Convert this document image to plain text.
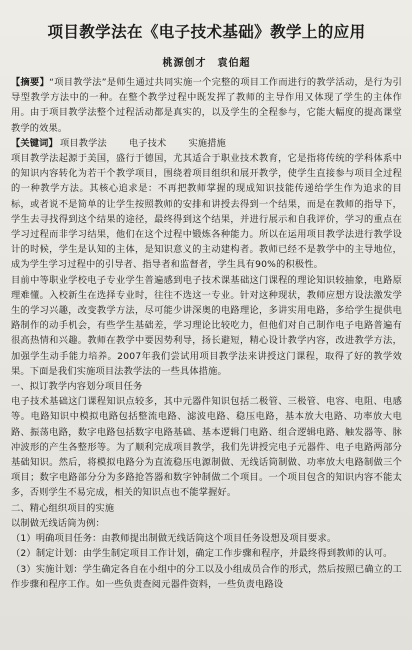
项目教学法在《电子技术基础》教学上的应用
桃源创才　袁伯超

【摘要】“项目教学法”是师生通过共同实施一个完整的项目工作而进行的教学活动，是行为引导型教学方法中的一种。在整个教学过程中既发挥了教师的主导作用又体现了学生的主体作用。由于项目教学法整个过程活动都是真实的，以及学生的全程参与，它能大幅度的提高课堂教学的效果。

【关键词】 项目教学法 电子技术 实施措施

项目教学法起源于美国，盛行于德国，尤其适合于职业技术教育，它是指将传统的学科体系中的知识内容转化为若干个教学项目，围绕着项目组织和展开教学，使学生直接参与项目全过程的一种教学方法。其核心追求是：不再把教师掌握的现成知识技能传递给学生作为追求的目标，或者说不是简单的让学生按照教师的安排和讲授去得到一个结果，而是在教师的指导下，学生去寻找得到这个结果的途径，最终得到这个结果，并进行展示和自我评价，学习的重点在学习过程而非学习结果，他们在这个过程中锻炼各种能力。所以在运用项目教学法进行教学设计的时候，学生是认知的主体，是知识意义的主动建构者。教师已经不是教学中的主导地位，成为学生学习过程中的引导者、指导者和监督者，学生具有90%的积极性。

目前中等职业学校电子专业学生普遍感到电子技术课基础这门课程的理论知识较抽象，电路原理难懂。入校新生在选择专业时，往往不选这一专业。针对这种现状，教师应想方设法激发学生的学习兴趣，改变教学方法，尽可能少讲深奥的电路理论，多讲实用电路，多给学生提供电路制作的动手机会，有些学生基础差，学习理论比较吃力，但他们对自己制作电子电路普遍有很高热情和兴趣。教师在教学中要因势利导，扬长避短，精心设计教学内容，改进教学方法，加强学生动手能力培养。2007年我们尝试用项目教学法来讲授这门课程，取得了好的教学效果。下面是我们实施项目法教学法的一些具体措施。

一、拟订教学内容划分项目任务

电子技术基础这门课程知识点较多，其中元器件知识包括二极管、三极管、电容、电阻、电感等。电路知识中模拟电路包括整流电路、滤波电路、稳压电路，基本放大电路、功率放大电路、振荡电路，数字电路包括数字电路基础、基本逻辑门电路、组合逻辑电路、触发器等、脉冲波形的产生各整形等。为了顺利完成项目教学，我们先讲授完电子元器件、电子电路两部分基础知识。然后，将模拟电路分为直流稳压电源制做、无线话筒制做、功率放大电路制做三个项目；数字电路部分分为多路抢答器和数字钟制做二个项目。一个项目包含的知识内容不能太多，否则学生不易完成，相关的知识点也不能掌握好。

二、精心组织项目的实施

以制做无线话筒为例：

（1）明确项目任务：由教师提出制做无线话筒这个项目任务设想及项目要求。

（2）制定计划：由学生制定项目工作计划，确定工作步骤和程序，并最终得到教师的认可。

（3）实施计划：学生确定各自在小组中的分工以及小组成员合作的形式，然后按照已确立的工作步骤和程序工作。如一些负责查阅元器件资料，一些负责电路设
